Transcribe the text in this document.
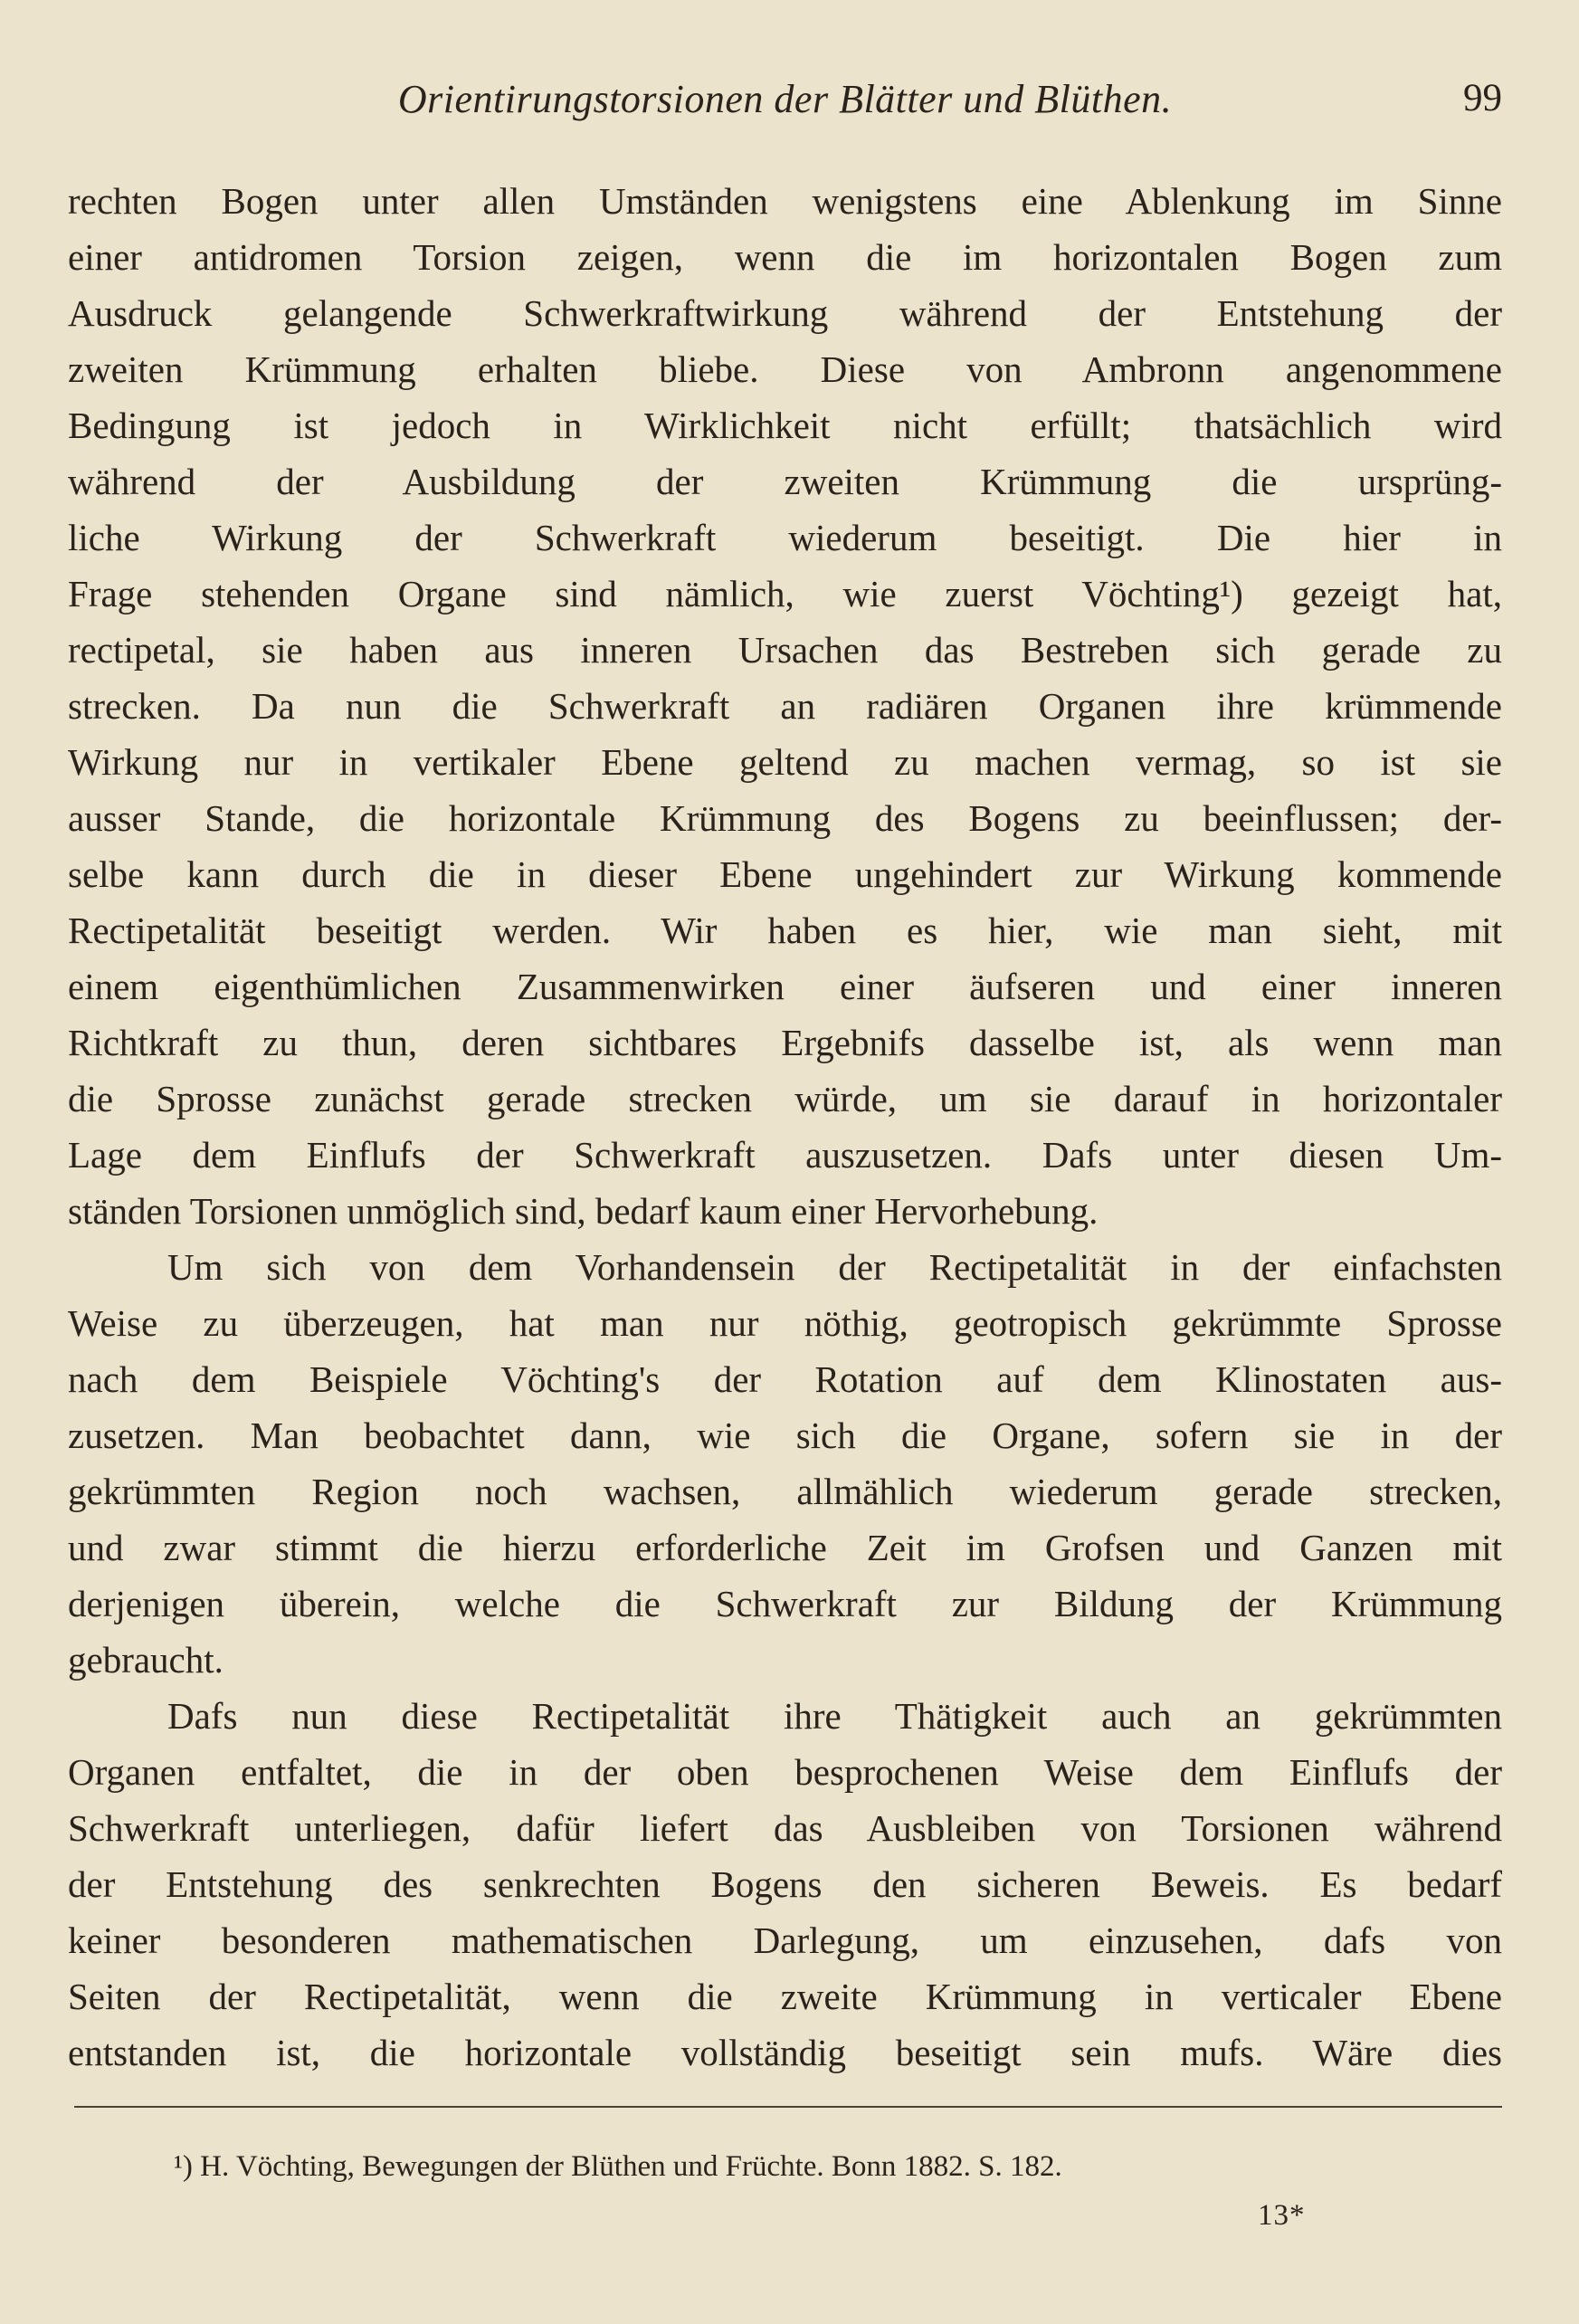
Orientirungstorsionen der Blätter und Blüthen.	99
rechten Bogen unter allen Umständen wenigstens eine Ablenkung im Sinne
einer antidromen Torsion zeigen, wenn die im horizontalen Bogen zum
Ausdruck gelangende Schwerkraftwirkung während der Entstehung der
zweiten Krümmung erhalten bliebe. Diese von Ambronn angenommene
Bedingung ist jedoch in Wirklichkeit nicht erfüllt; thatsächlich wird
während der Ausbildung der zweiten Krümmung die ursprüng-
liche Wirkung der Schwerkraft wiederum beseitigt. Die hier in
Frage stehenden Organe sind nämlich, wie zuerst Vöchting¹) gezeigt hat,
rectipetal, sie haben aus inneren Ursachen das Bestreben sich gerade zu
strecken. Da nun die Schwerkraft an radiären Organen ihre krümmende
Wirkung nur in vertikaler Ebene geltend zu machen vermag, so ist sie
ausser Stande, die horizontale Krümmung des Bogens zu beeinflussen; der-
selbe kann durch die in dieser Ebene ungehindert zur Wirkung kommende
Rectipetalität beseitigt werden. Wir haben es hier, wie man sieht, mit
einem eigenthümlichen Zusammenwirken einer äufseren und einer inneren
Richtkraft zu thun, deren sichtbares Ergebnifs dasselbe ist, als wenn man
die Sprosse zunächst gerade strecken würde, um sie darauf in horizontaler
Lage dem Einflufs der Schwerkraft auszusetzen. Dafs unter diesen Um-
ständen Torsionen unmöglich sind, bedarf kaum einer Hervorhebung.
Um sich von dem Vorhandensein der Rectipetalität in der einfachsten
Weise zu überzeugen, hat man nur nöthig, geotropisch gekrümmte Sprosse
nach dem Beispiele Vöchting's der Rotation auf dem Klinostaten aus-
zusetzen. Man beobachtet dann, wie sich die Organe, sofern sie in der
gekrümmten Region noch wachsen, allmählich wiederum gerade strecken,
und zwar stimmt die hierzu erforderliche Zeit im Grofsen und Ganzen mit
derjenigen überein, welche die Schwerkraft zur Bildung der Krümmung
gebraucht.
Dafs nun diese Rectipetalität ihre Thätigkeit auch an gekrümmten
Organen entfaltet, die in der oben besprochenen Weise dem Einflufs der
Schwerkraft unterliegen, dafür liefert das Ausbleiben von Torsionen während
der Entstehung des senkrechten Bogens den sicheren Beweis. Es bedarf
keiner besonderen mathematischen Darlegung, um einzusehen, dafs von
Seiten der Rectipetalität, wenn die zweite Krümmung in verticaler Ebene
entstanden ist, die horizontale vollständig beseitigt sein mufs. Wäre dies
¹) H. Vöchting, Bewegungen der Blüthen und Früchte. Bonn 1882. S. 182.
13*
